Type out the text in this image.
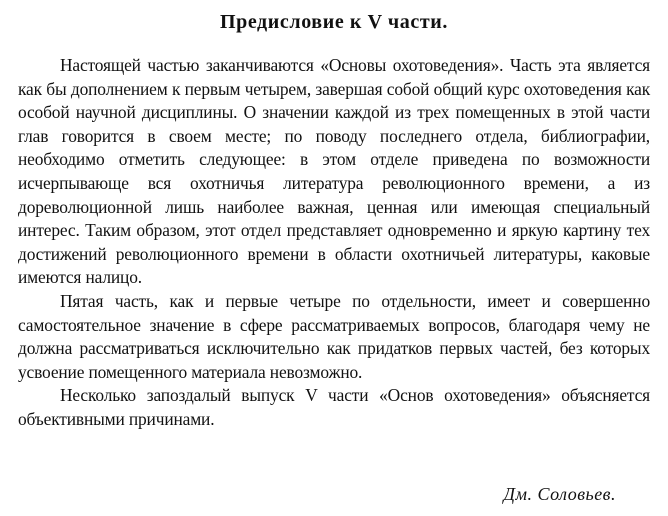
Предисловие к V части.

Настоящей частью заканчиваются «Основы охотоведения». Часть эта является как бы дополнением к первым четырем, завершая собой общий курс охотоведения как особой научной дисциплины. О значении каждой из трех помещенных в этой части глав говорится в своем месте; по поводу последнего отдела, библиографии, необходимо отметить следующее: в этом отделе приведена по возможности исчерпывающе вся охотничья литература революционного времени, а из дореволюционной лишь наиболее важная, ценная или имеющая специальный интерес. Таким образом, этот отдел представляет одновременно и яркую картину тех достижений революционного времени в области охотничьей литературы, каковые имеются налицо.

Пятая часть, как и первые четыре по отдельности, имеет и совершенно самостоятельное значение в сфере рассматриваемых вопросов, благодаря чему не должна рассматриваться исключительно как придатков первых частей, без которых усвоение помещенного материала невозможно.

Несколько запоздалый выпуск V части «Основ охотоведения» объясняется объективными причинами.

Дм. Соловьев.
